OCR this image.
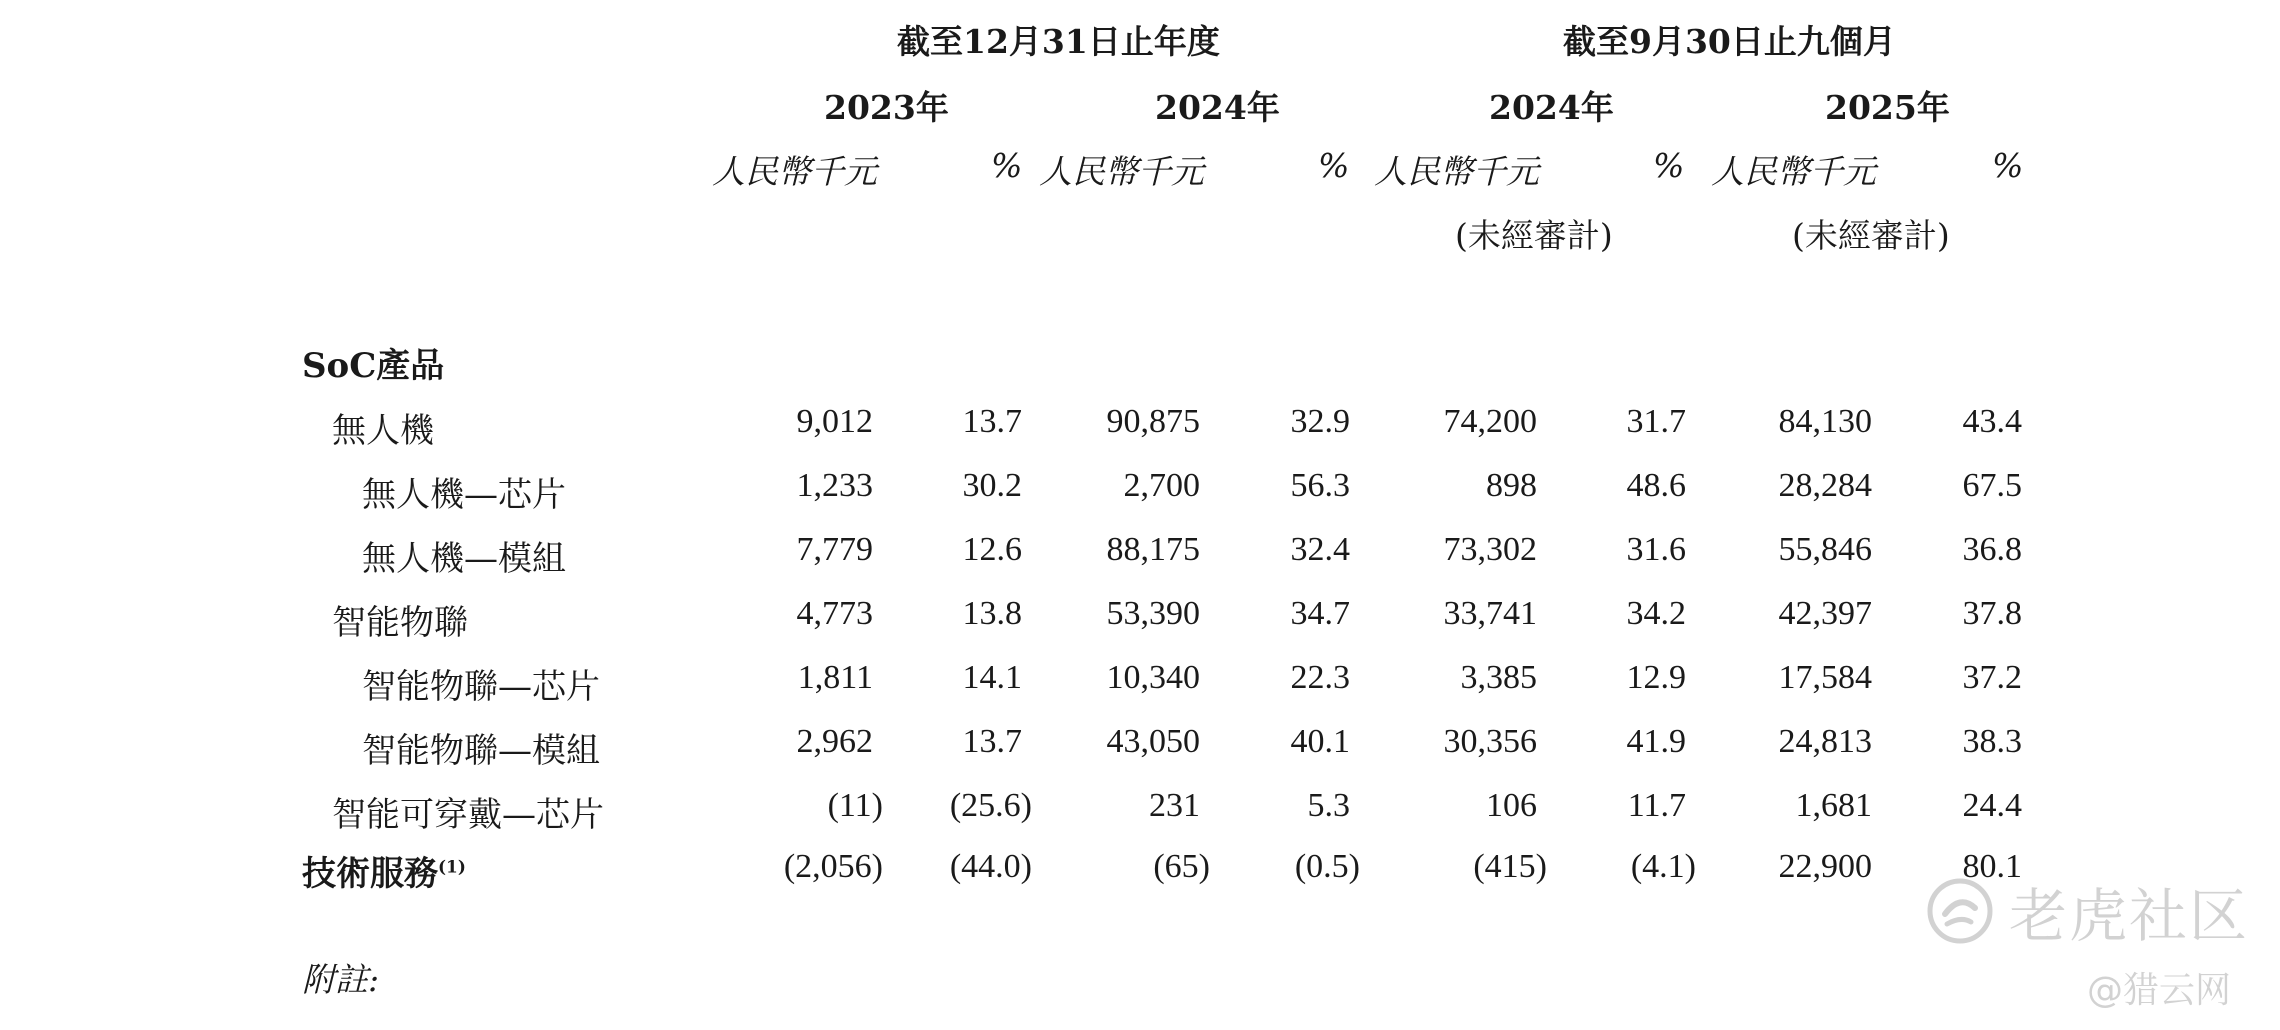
截至12月31日止年度	截至9月30日止九個月
2023年	2024年	2024年	2025年
人民幣千元	% 人民幣千元	% 人民幣千元	% 人民幣千元	%
(未經審計)	(未經審計)
SoC產品
無人機	9,012	13.7 90,875	32.9	74,200	31.7	84,130	43.4
無人機—芯片	1,233	30.2	2,700	56.3	898	48.6	28,284	67.5
無人機—模組	7,779	12.6 88,175	32.4	73,302	31.6	55,846	36.8
智能物聯	4,773	13.8 53,390	34.7	33,741	34.2	42,397	37.8
智能物聯—芯片	1,811	14.1 10,340	22.3	3,385	12.9	17,584	37.2
智能物聯—模組	2,962	13.7 43,050	40.1	30,356	41.9	24,813	38.3
智能可穿戴—芯片	(11) (25.6)	231	5.3	106	11.7	1,681	24.4
技術服務$^{(1)}$	(2,056) (44.0)	(65) (0.5)	(415) (4.1) 22,900	80.1
附註:
老虎社区
@猎云网
